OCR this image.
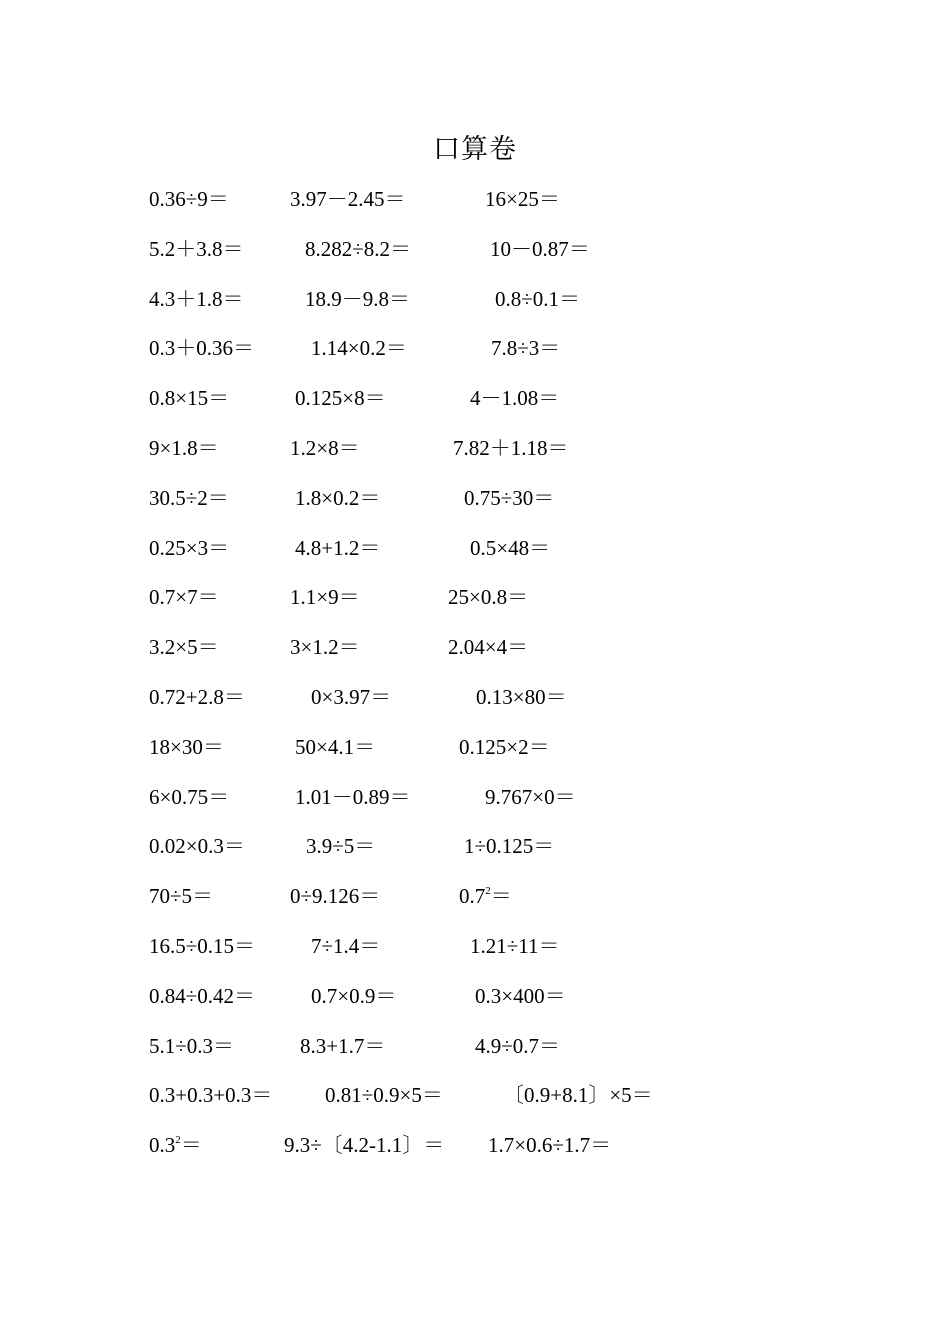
口算卷
0.36÷9＝	3.97－2.45＝	16×25＝
5.2＋3.8＝	8.282÷8.2＝	10－0.87＝
4.3＋1.8＝	18.9－9.8＝	0.8÷0.1＝
0.3＋0.36＝	1.14×0.2＝	7.8÷3＝
0.8×15＝	0.125×8＝	4－1.08＝
9×1.8＝	1.2×8＝	7.82＋1.18＝
30.5÷2＝	1.8×0.2＝	0.75÷30＝
0.25×3＝	4.8+1.2＝	0.5×48＝
0.7×7＝	1.1×9＝	25×0.8＝
3.2×5＝	3×1.2＝	2.04×4＝
0.72+2.8＝	0×3.97＝	0.13×80＝
18×30＝	50×4.1＝	0.125×2＝
6×0.75＝	1.01－0.89＝	9.767×0＝
0.02×0.3＝	3.9÷5＝	1÷0.125＝
70÷5＝	0÷9.126＝	$0.7^2=$
16.5÷0.15＝	7÷1.4＝	1.21÷11＝
0.84÷0.42＝	0.7×0.9＝	0.3×400＝
5.1÷0.3＝	8.3+1.7＝	4.9÷0.7＝
0.3+0.3+0.3＝	0.81÷0.9×5＝	〔0.9+8.1〕×5＝
$0.3^2=$	9.3÷〔4.2-1.1〕＝ 1.7×0.6÷1.7＝
